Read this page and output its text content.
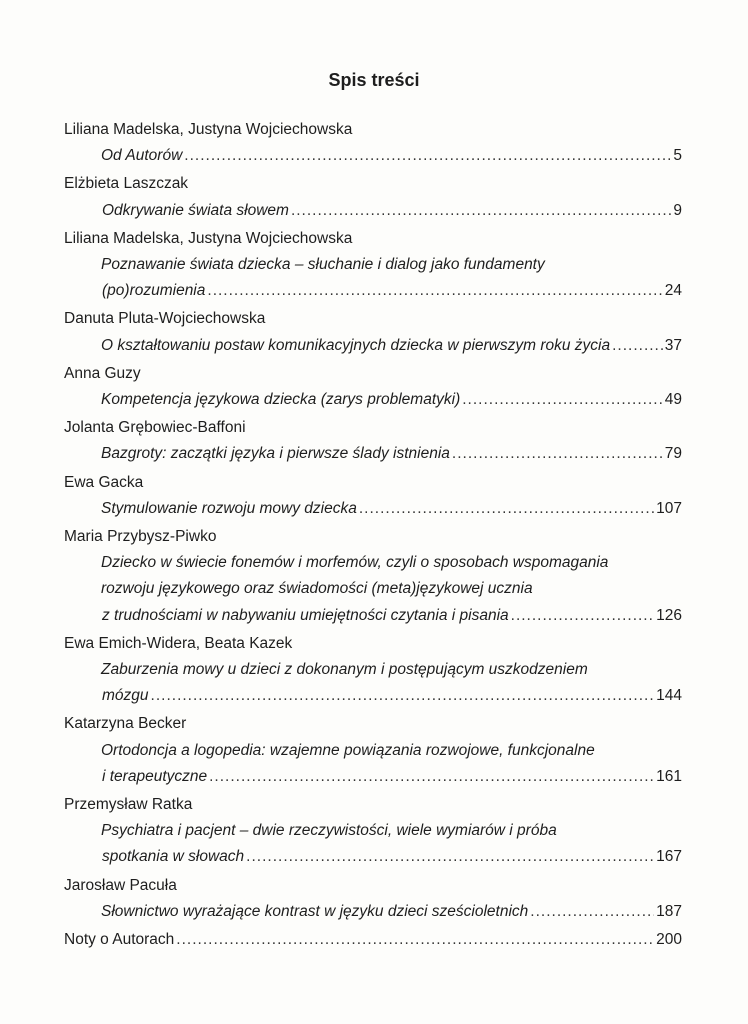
Spis treści
Liliana Madelska, Justyna Wojciechowska
Od Autorów .....	5
Elżbieta Laszczak
Odkrywanie świata słowem .....	9
Liliana Madelska, Justyna Wojciechowska
Poznawanie świata dziecka – słuchanie i dialog jako fundamenty
(po)rozumienia .....	24
Danuta Pluta-Wojciechowska
O kształtowaniu postaw komunikacyjnych dziecka w pierwszym roku życia .....	37
Anna Guzy
Kompetencja językowa dziecka (zarys problematyki) .....	49
Jolanta Grębowiec-Baffoni
Bazgroty: zaczątki języka i pierwsze ślady istnienia .....	79
Ewa Gacka
Stymulowanie rozwoju mowy dziecka .....	107
Maria Przybysz-Piwko
Dziecko w świecie fonemów i morfemów, czyli o sposobach wspomagania
rozwoju językowego oraz świadomości (meta)językowej ucznia
z trudnościami w nabywaniu umiejętności czytania i pisania .....	126
Ewa Emich-Widera, Beata Kazek
Zaburzenia mowy u dzieci z dokonanym i postępującym uszkodzeniem
mózgu .....	144
Katarzyna Becker
Ortodoncja a logopedia: wzajemne powiązania rozwojowe, funkcjonalne
i terapeutyczne .....	161
Przemysław Ratka
Psychiatra i pacjent – dwie rzeczywistości, wiele wymiarów i próba
spotkania w słowach .....	167
Jarosław Pacuła
Słownictwo wyrażające kontrast w języku dzieci sześcioletnich .....	187
Noty o Autorach .....	200
